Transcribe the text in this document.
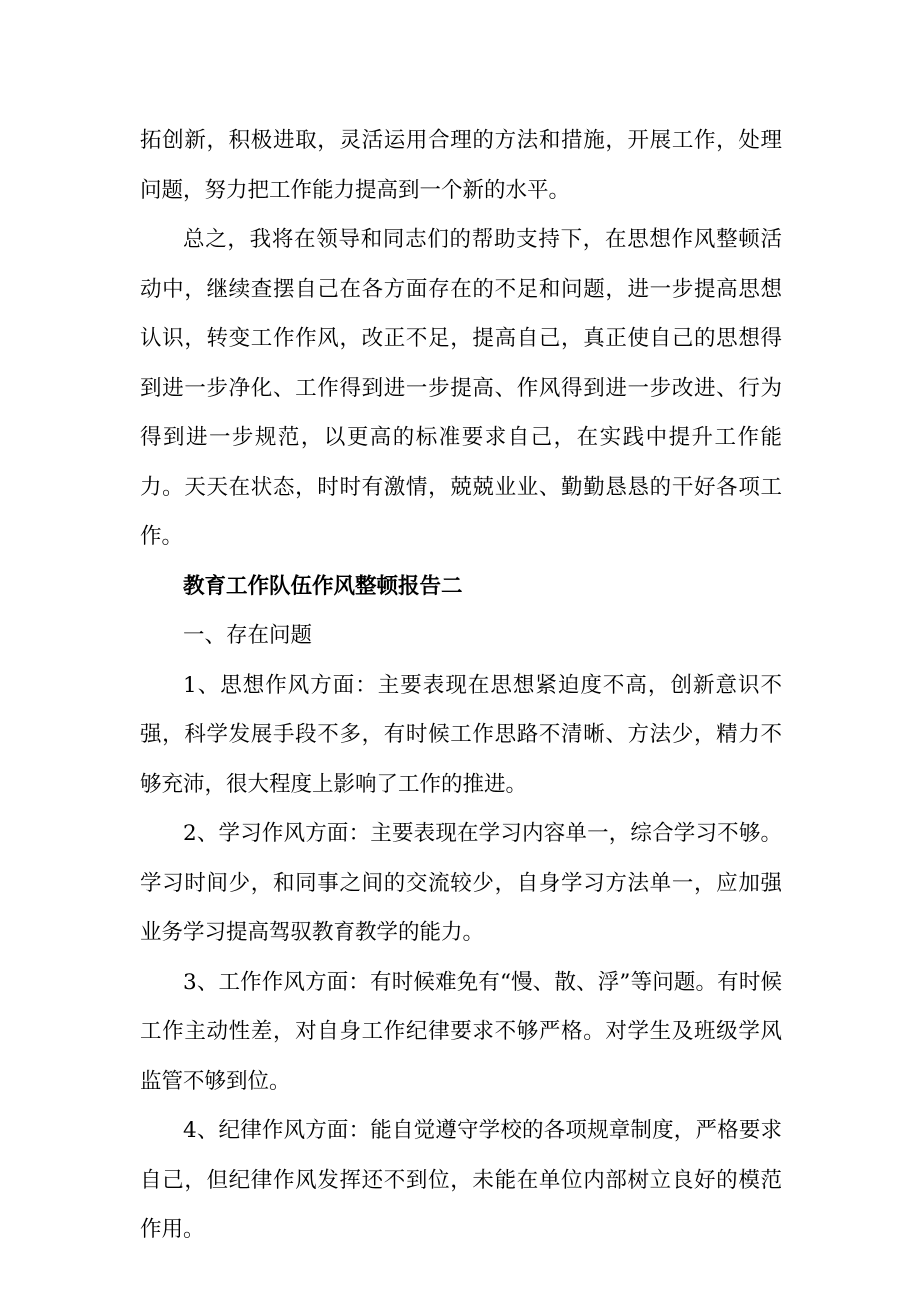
拓创新，积极进取，灵活运用合理的方法和措施，开展工作，处理问题，努力把工作能力提高到一个新的水平。

总之，我将在领导和同志们的帮助支持下，在思想作风整顿活动中，继续查摆自己在各方面存在的不足和问题，进一步提高思想认识，转变工作作风，改正不足，提高自己，真正使自己的思想得到进一步净化、工作得到进一步提高、作风得到进一步改进、行为得到进一步规范，以更高的标准要求自己，在实践中提升工作能力。天天在状态，时时有激情，兢兢业业、勤勤恳恳的干好各项工作。

教育工作队伍作风整顿报告二

一、存在问题

1、思想作风方面：主要表现在思想紧迫度不高，创新意识不强，科学发展手段不多，有时候工作思路不清晰、方法少，精力不够充沛，很大程度上影响了工作的推进。

2、学习作风方面：主要表现在学习内容单一，综合学习不够。学习时间少，和同事之间的交流较少，自身学习方法单一，应加强业务学习提高驾驭教育教学的能力。

3、工作作风方面：有时候难免有“慢、散、浮”等问题。有时候工作主动性差，对自身工作纪律要求不够严格。对学生及班级学风监管不够到位。

4、纪律作风方面：能自觉遵守学校的各项规章制度，严格要求自己，但纪律作风发挥还不到位，未能在单位内部树立良好的模范作用。
